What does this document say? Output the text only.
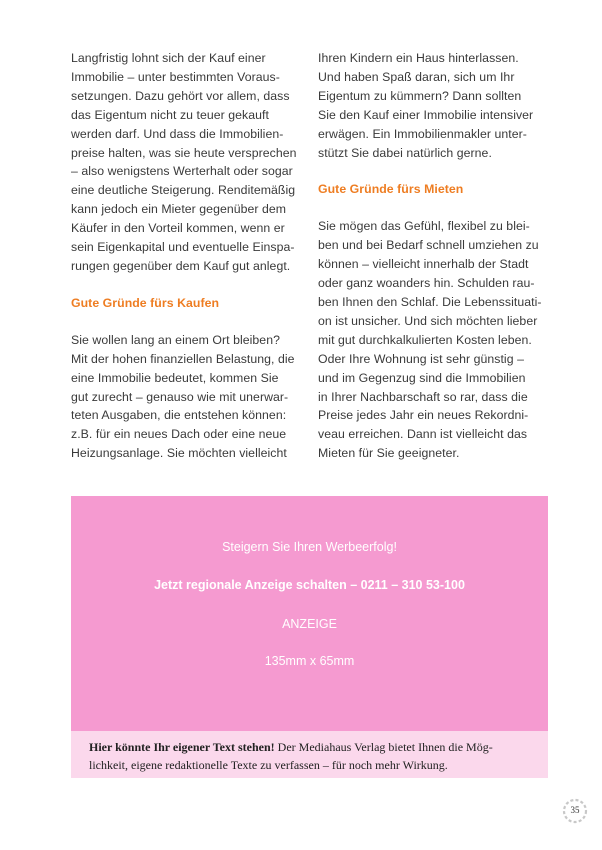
Langfristig lohnt sich der Kauf einer
Immobilie – unter bestimmten Voraus-
setzungen. Dazu gehört vor allem, dass
das Eigentum nicht zu teuer gekauft
werden darf. Und dass die Immobilien-
preise halten, was sie heute versprechen
– also wenigstens Werterhalt oder sogar
eine deutliche Steigerung. Renditemäßig
kann jedoch ein Mieter gegenüber dem
Käufer in den Vorteil kommen, wenn er
sein Eigenkapital und eventuelle Einspa-
rungen gegenüber dem Kauf gut anlegt.
Gute Gründe fürs Kaufen
Sie wollen lang an einem Ort bleiben?
Mit der hohen finanziellen Belastung, die
eine Immobilie bedeutet, kommen Sie
gut zurecht – genauso wie mit unerwar-
teten Ausgaben, die entstehen können:
z.B. für ein neues Dach oder eine neue
Heizungsanlage. Sie möchten vielleicht
Ihren Kindern ein Haus hinterlassen.
Und haben Spaß daran, sich um Ihr
Eigentum zu kümmern? Dann sollten
Sie den Kauf einer Immobilie intensiver
erwägen. Ein Immobilienmakler unter-
stützt Sie dabei natürlich gerne.
Gute Gründe fürs Mieten
Sie mögen das Gefühl, flexibel zu blei-
ben und bei Bedarf schnell umziehen zu
können – vielleicht innerhalb der Stadt
oder ganz woanders hin. Schulden rau-
ben Ihnen den Schlaf. Die Lebenssituati-
on ist unsicher. Und sich möchten lieber
mit gut durchkalkulierten Kosten leben.
Oder Ihre Wohnung ist sehr günstig –
und im Gegenzug sind die Immobilien
in Ihrer Nachbarschaft so rar, dass die
Preise jedes Jahr ein neues Rekordni-
veau erreichen. Dann ist vielleicht das
Mieten für Sie geeigneter.
Steigern Sie Ihren Werbeerfolg!
Jetzt regionale Anzeige schalten – 0211 – 310 53-100
ANZEIGE
135mm x 65mm
Hier könnte Ihr eigener Text stehen! Der Mediahaus Verlag bietet Ihnen die Mög-
lichkeit, eigene redaktionelle Texte zu verfassen – für noch mehr Wirkung.
35
